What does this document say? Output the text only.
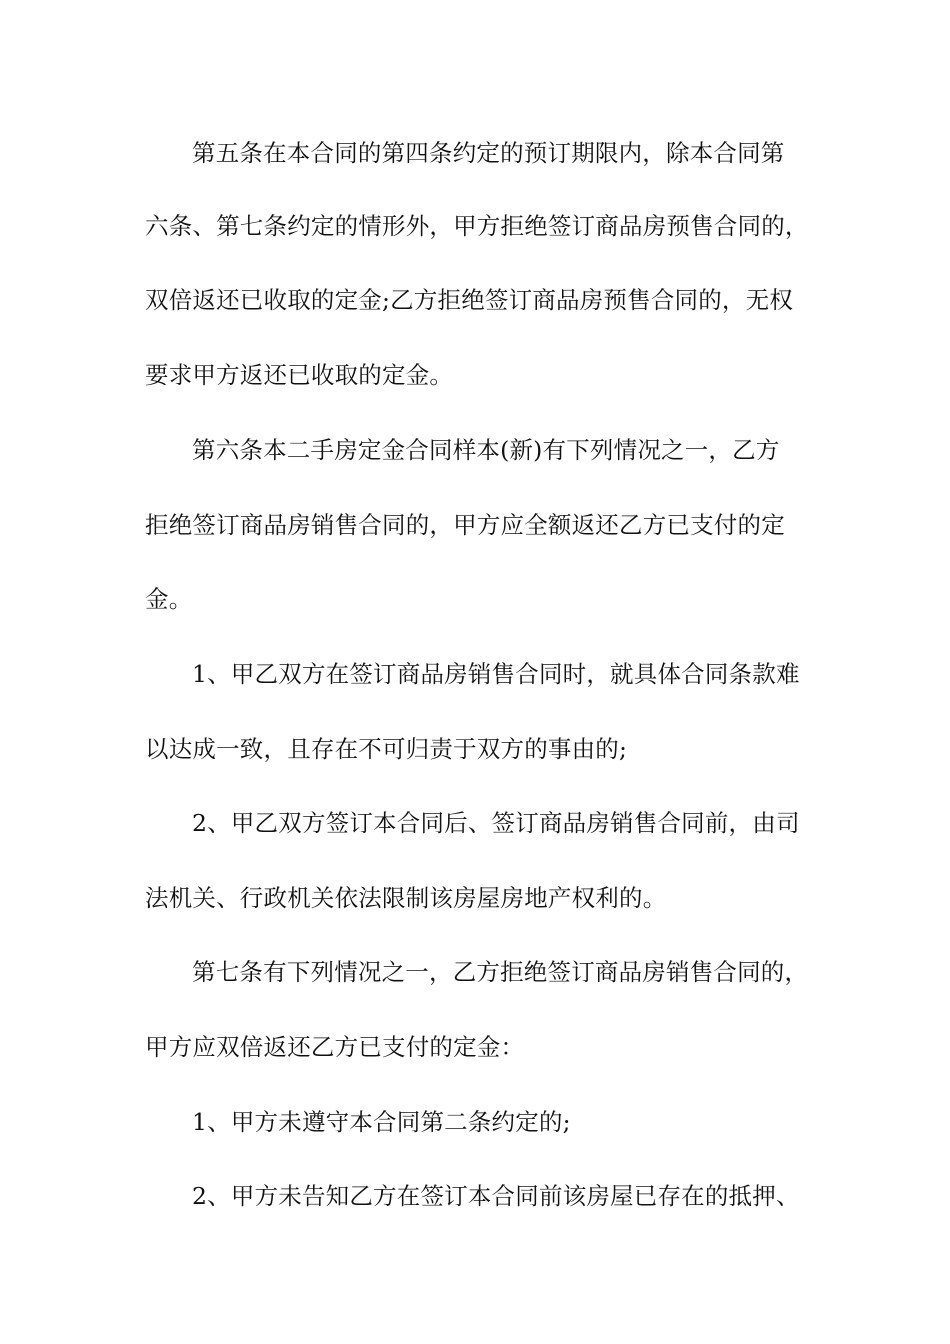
第五条在本合同的第四条约定的预订期限内，除本合同第
六条、第七条约定的情形外，甲方拒绝签订商品房预售合同的，
双倍返还已收取的定金;乙方拒绝签订商品房预售合同的，无权
要求甲方返还已收取的定金。
第六条本二手房定金合同样本(新)有下列情况之一，乙方
拒绝签订商品房销售合同的，甲方应全额返还乙方已支付的定
金。
1、甲乙双方在签订商品房销售合同时，就具体合同条款难
以达成一致，且存在不可归责于双方的事由的;
2、甲乙双方签订本合同后、签订商品房销售合同前，由司
法机关、行政机关依法限制该房屋房地产权利的。
第七条有下列情况之一，乙方拒绝签订商品房销售合同的，
甲方应双倍返还乙方已支付的定金：
1、甲方未遵守本合同第二条约定的;
2、甲方未告知乙方在签订本合同前该房屋已存在的抵押、
